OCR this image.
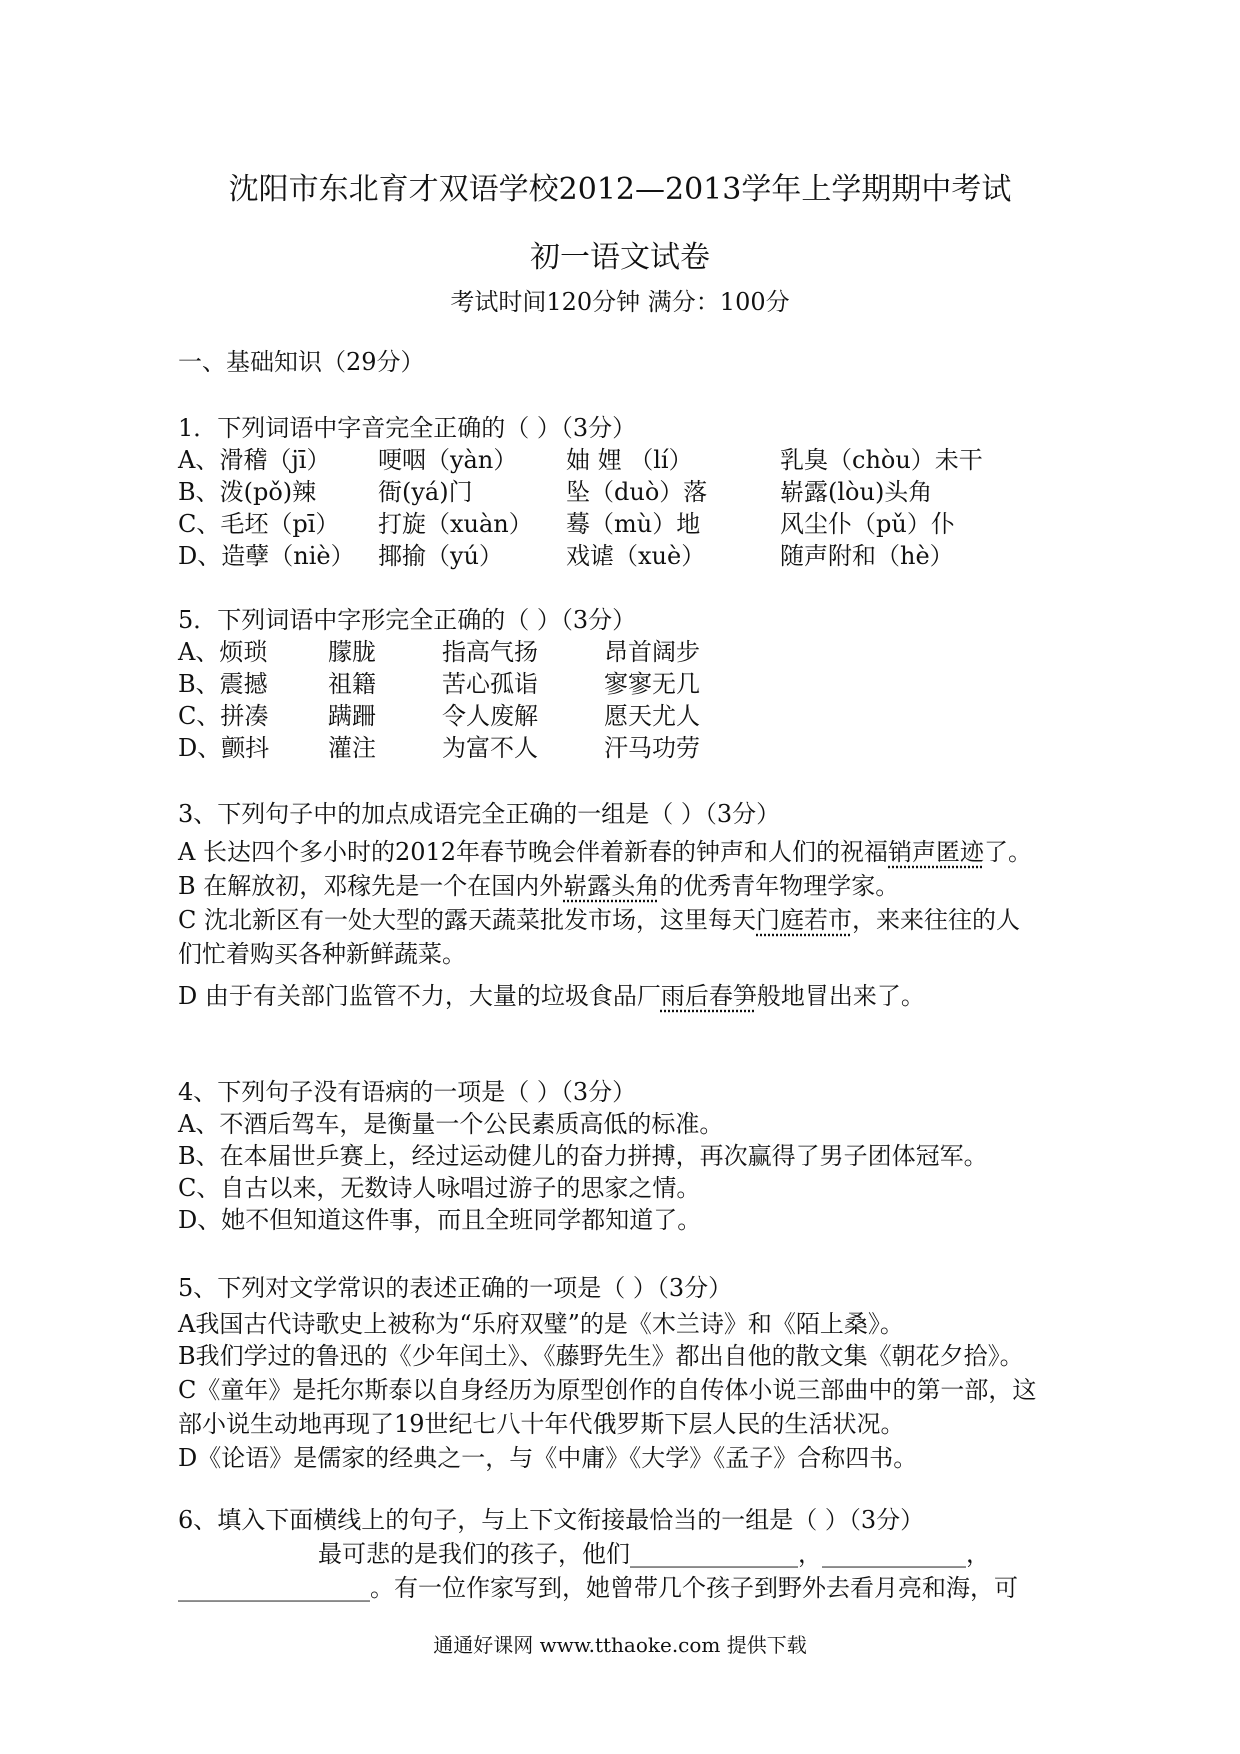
沈阳市东北育才双语学校2012—2013学年上学期期中考试
初一语文试卷
考试时间120分钟 满分：100分
一、基础知识（29分）
1．下列词语中字音完全正确的（ ）（3分）
A、滑稽（jī） 哽咽（yàn） 妯 娌 （lí）	乳臭（chòu）未干
B、泼(pǒ)辣	衙(yá)门	坠（duò）落	崭露(lòu)头角
C、毛坯（pī） 打旋（xuàn） 蓦（mù）地	风尘仆（pǔ）仆
D、造孽（niè） 揶揄（yú）	戏谑（xuè）	随声附和（hè）
5．下列词语中字形完全正确的（ ）（3分）
A、烦琐	朦胧	指高气扬	昂首阔步
B、震撼	祖籍	苦心孤诣	寥寥无几
C、拼凑 蹒跚	令人废解	愿天尤人
D、颤抖 灌注	为富不人	汗马功劳
3、下列句子中的加点成语完全正确的一组是（ ）（3分）
A 长达四个多小时的2012年春节晚会伴着新春的钟声和人们的祝福销声匿迹了。
B 在解放初，邓稼先是一个在国内外崭露头角的优秀青年物理学家。
C 沈北新区有一处大型的露天蔬菜批发市场，这里每天门庭若市，来来往往的人
们忙着购买各种新鲜蔬菜。
D 由于有关部门监管不力，大量的垃圾食品厂雨后春笋般地冒出来了。
4、下列句子没有语病的一项是（ ）（3分）
A、不酒后驾车，是衡量一个公民素质高低的标准。
B、在本届世乒赛上，经过运动健儿的奋力拼搏，再次赢得了男子团体冠军。
C、自古以来，无数诗人咏唱过游子的思家之情。
D、她不但知道这件事，而且全班同学都知道了。
5、下列对文学常识的表述正确的一项是（ ）（3分）
A我国古代诗歌史上被称为“乐府双璧”的是《木兰诗》和《陌上桑》。
B我们学过的鲁迅的《少年闰土》、《藤野先生》都出自他的散文集《朝花夕拾》。
C《童年》是托尔斯泰以自身经历为原型创作的自传体小说三部曲中的第一部，这
部小说生动地再现了19世纪七八十年代俄罗斯下层人民的生活状况。
D《论语》是儒家的经典之一，与《中庸》《大学》《孟子》合称四书。
6、填入下面横线上的句子，与上下文衔接最恰当的一组是（ ）（3分）
最可悲的是我们的孩子，他们______________，____________，
________________。有一位作家写到，她曾带几个孩子到野外去看月亮和海，可
通通好课网 www.tthaoke.com 提供下载
